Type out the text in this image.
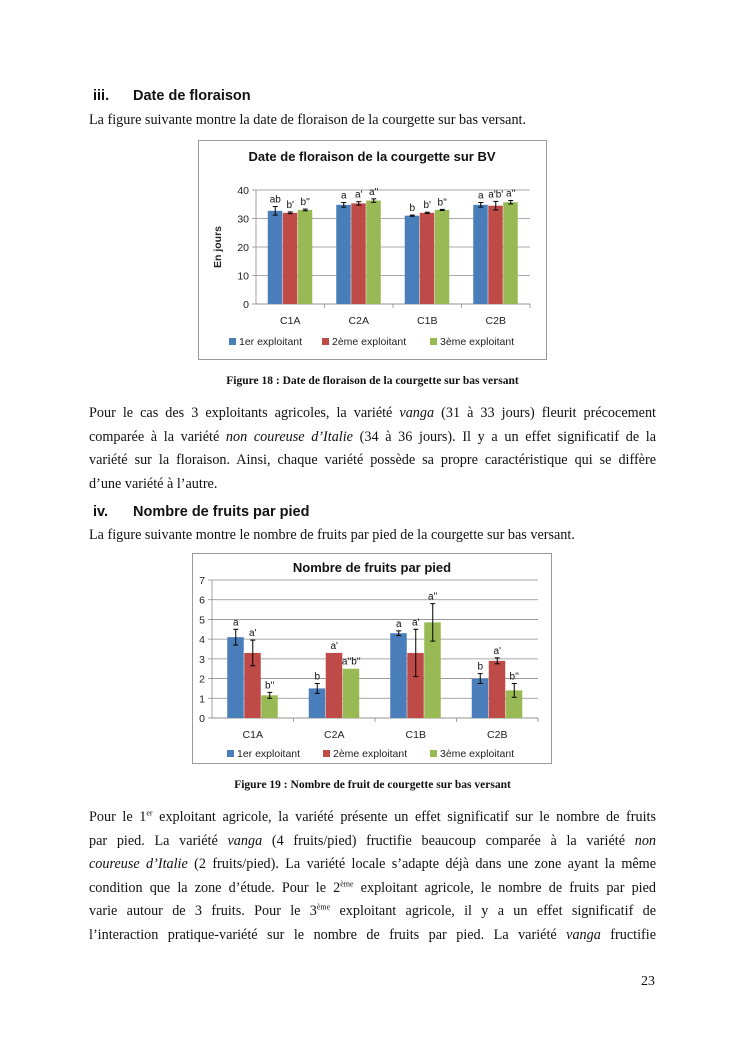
iii. Date de floraison
La figure suivante montre la date de floraison de la courgette sur bas versant.
Date de floraison de la courgette sur BV
0
10
20
30
40
En jours
C1A
ab b' b''
C2A
a a' a''
C1B
b b' b''
C2B
a a'b' a''
1er exploitant	2ème exploitant	3ème exploitant
Figure 18 : Date de floraison de la courgette sur bas versant
Pour le cas des 3 exploitants agricoles, la variété vanga (31 à 33 jours) fleurit précocement
comparée à la variété non coureuse d’Italie (34 à 36 jours). Il y a un effet significatif de la
variété sur la floraison. Ainsi, chaque variété possède sa propre caractéristique qui se diffère
d’une variété à l’autre.
iv. Nombre de fruits par pied
La figure suivante montre le nombre de fruits par pied de la courgette sur bas versant.
Nombre de fruits par pied
0
1
2
3
4
5
6
7
C1A
a
a'
b''
C2A
b
a'
a''b''
C1B
a a'
a''
C2B
b
a'
b''
1er exploitant	2ème exploitant	3ème exploitant
Figure 19 : Nombre de fruit de courgette sur bas versant
Pour le 1er exploitant agricole, la variété présente un effet significatif sur le nombre de fruits
par pied. La variété vanga (4 fruits/pied) fructifie beaucoup comparée à la variété non
coureuse d’Italie (2 fruits/pied). La variété locale s’adapte déjà dans une zone ayant la même
condition que la zone d’étude. Pour le 2ème exploitant agricole, le nombre de fruits par pied
varie autour de 3 fruits. Pour le 3ème exploitant agricole, il y a un effet significatif de
l’interaction pratique-variété sur le nombre de fruits par pied. La variété vanga fructifie
23
